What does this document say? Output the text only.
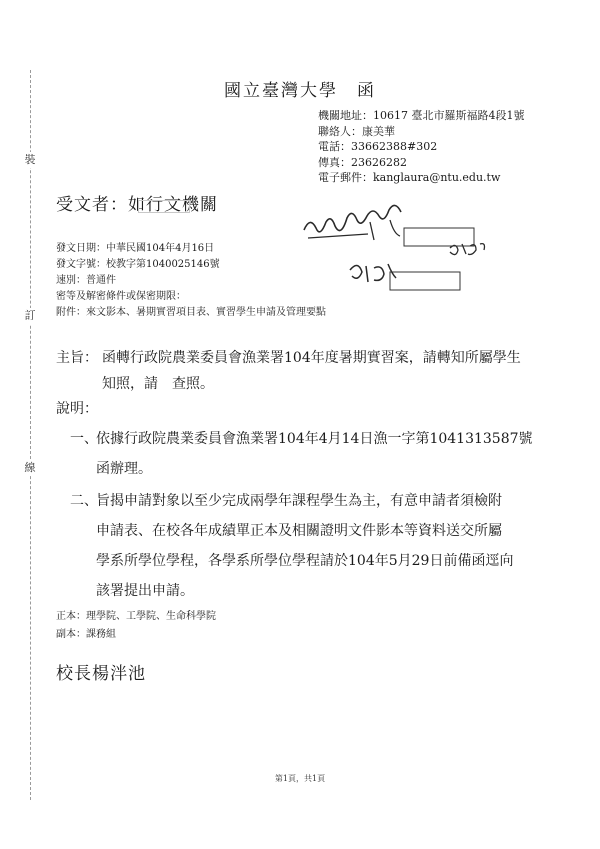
裝
訂
線
國立臺灣大學　函
機關地址：10617 臺北市羅斯福路4段1號
聯絡人：康美華
電話：33662388#302
傳真：23626282
電子郵件：kanglaura@ntu.edu.tw
受文者：如行文機關
發文日期：中華民國104年4月16日
發文字號：校教字第1040025146號
速別：普通件
密等及解密條件或保密期限：
附件：來文影本、暑期實習項目表、實習學生申請及管理要點
主旨： 函轉行政院農業委員會漁業署104年度暑期實習案，請轉知所屬學生
知照，請　查照。
說明：
一、
依據行政院農業委員會漁業署104年4月14日漁一字第1041313587號
函辦理。
二、
旨揭申請對象以至少完成兩學年課程學生為主，有意申請者須檢附
申請表、在校各年成績單正本及相關證明文件影本等資料送交所屬
學系所學位學程，各學系所學位學程請於104年5月29日前備函逕向
該署提出申請。
正本：理學院、工學院、生命科學院
副本：課務組
校長楊泮池
第1頁，共1頁
